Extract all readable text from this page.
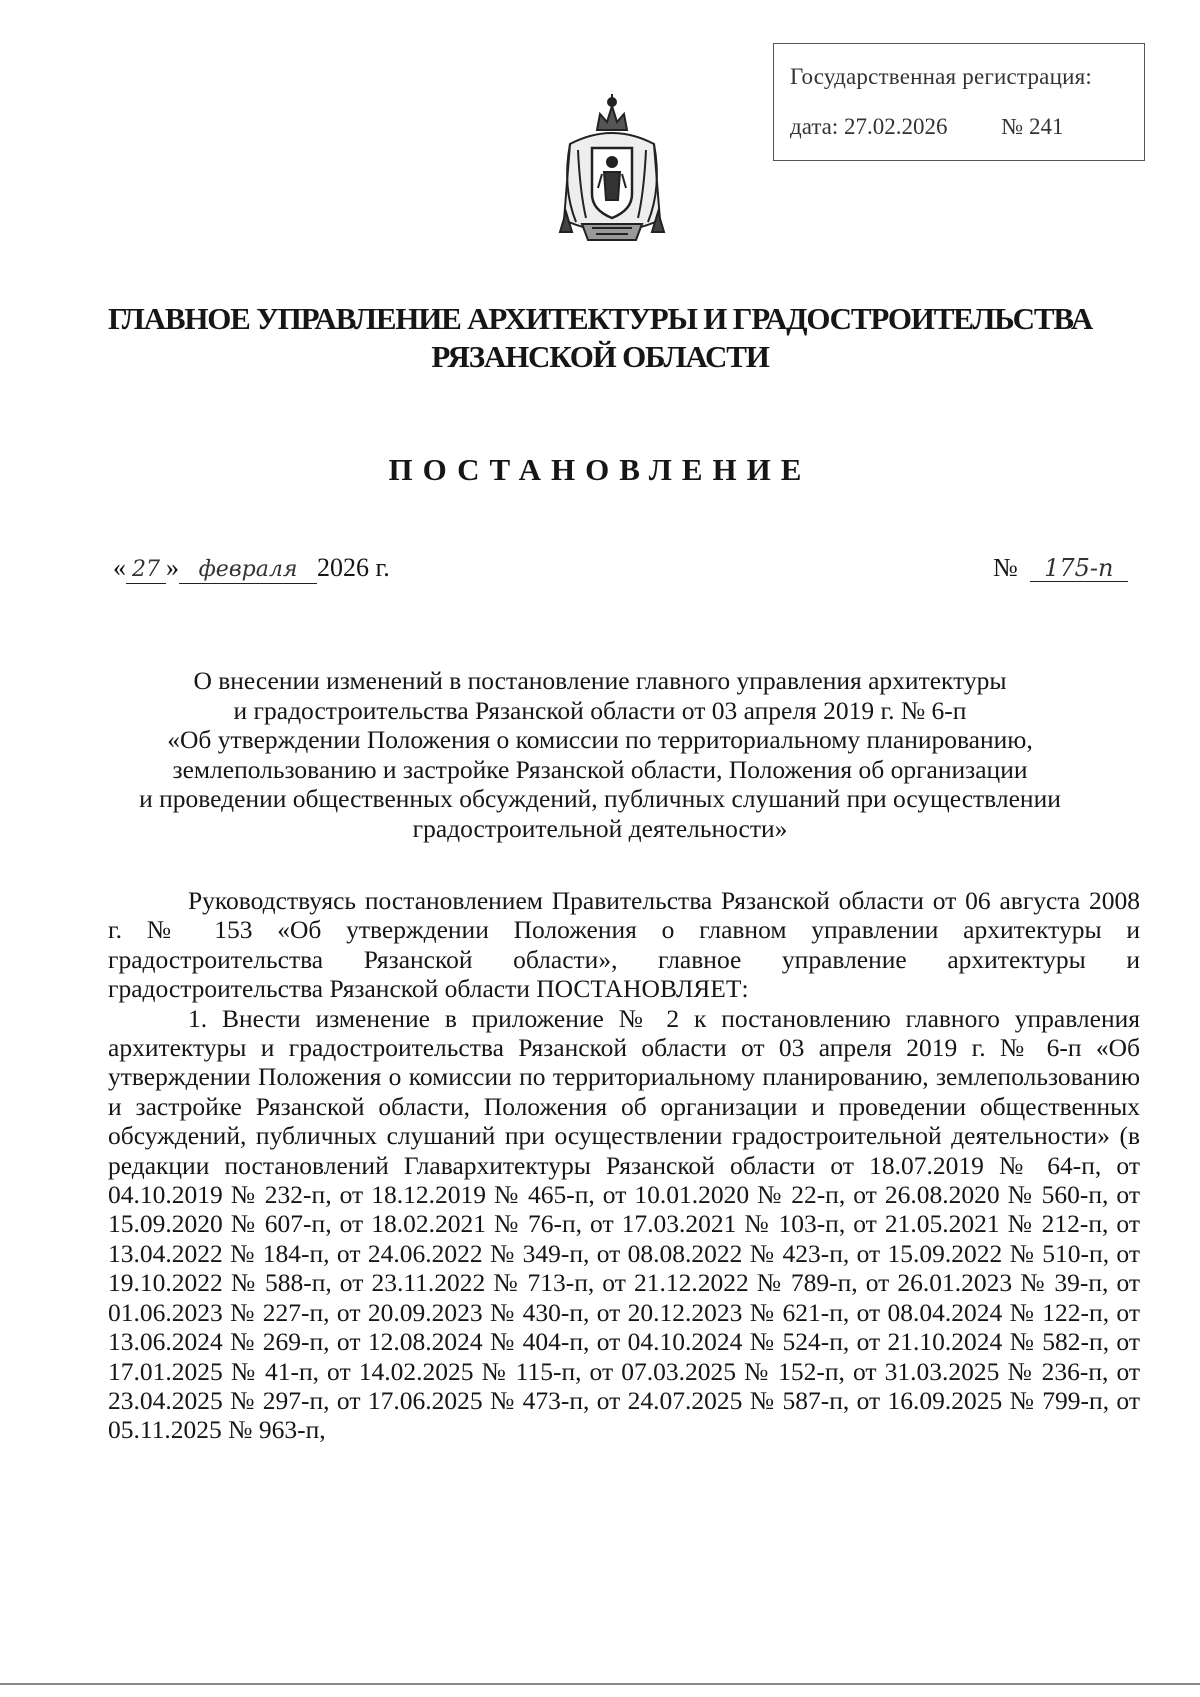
Государственная регистрация:
дата: 27.02.2026 № 241
ГЛАВНОЕ УПРАВЛЕНИЕ АРХИТЕКТУРЫ И ГРАДОСТРОИТЕЛЬСТВА
РЯЗАНСКОЙ ОБЛАСТИ
ПОСТАНОВЛЕНИЕ
« 27 » февраля 2026 г.	№ 175-п
О внесении изменений в постановление главного управления архитектуры
и градостроительства Рязанской области от 03 апреля 2019 г. № 6-п
«Об утверждении Положения о комиссии по территориальному планированию,
землепользованию и застройке Рязанской области, Положения об организации
и проведении общественных обсуждений, публичных слушаний при осуществлении
градостроительной деятельности»

Руководствуясь постановлением Правительства Рязанской области от 06 августа 2008 г. № 153 «Об утверждении Положения о главном управлении архитектуры и градостроительства Рязанской области», главное управление архитектуры и градостроительства Рязанской области ПОСТАНОВЛЯЕТ:

1. Внести изменение в приложение № 2 к постановлению главного управления архитектуры и градостроительства Рязанской области от 03 апреля 2019 г. № 6-п «Об утверждении Положения о комиссии по территориальному планированию, землепользованию и застройке Рязанской области, Положения об организации и проведении общественных обсуждений, публичных слушаний при осуществлении градостроительной деятельности» (в редакции постановлений Главархитектуры Рязанской области от 18.07.2019 № 64-п, от 04.10.2019 № 232-п, от 18.12.2019 № 465-п, от 10.01.2020 № 22-п, от 26.08.2020 № 560-п, от 15.09.2020 № 607-п, от 18.02.2021 № 76-п, от 17.03.2021 № 103-п, от 21.05.2021 № 212-п, от 13.04.2022 № 184-п, от 24.06.2022 № 349-п, от 08.08.2022 № 423-п, от 15.09.2022 № 510-п, от 19.10.2022 № 588-п, от 23.11.2022 № 713-п, от 21.12.2022 № 789-п, от 26.01.2023 № 39-п, от 01.06.2023 № 227-п, от 20.09.2023 № 430-п, от 20.12.2023 № 621-п, от 08.04.2024 № 122-п, от 13.06.2024 № 269-п, от 12.08.2024 № 404-п, от 04.10.2024 № 524-п, от 21.10.2024 № 582-п, от 17.01.2025 № 41-п, от 14.02.2025 № 115-п, от 07.03.2025 № 152-п, от 31.03.2025 № 236-п, от 23.04.2025 № 297-п, от 17.06.2025 № 473-п, от 24.07.2025 № 587-п, от 16.09.2025 № 799-п, от 05.11.2025 № 963-п,
